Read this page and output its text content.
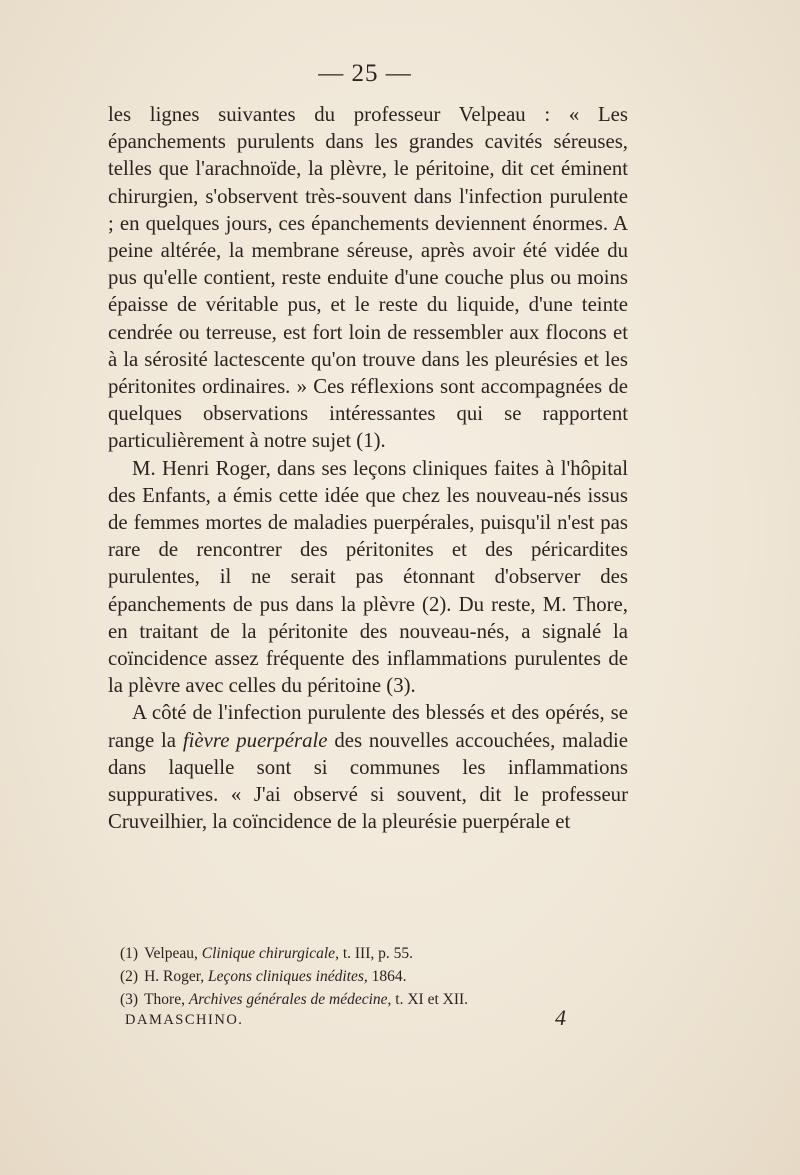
— 25 —

les lignes suivantes du professeur Velpeau : « Les épanchements purulents dans les grandes cavités séreuses, telles que l'arachnoïde, la plèvre, le péritoine, dit cet éminent chirurgien, s'observent très-souvent dans l'infection purulente ; en quelques jours, ces épanchements deviennent énormes. A peine altérée, la membrane séreuse, après avoir été vidée du pus qu'elle contient, reste enduite d'une couche plus ou moins épaisse de véritable pus, et le reste du liquide, d'une teinte cendrée ou terreuse, est fort loin de ressembler aux flocons et à la sérosité lactescente qu'on trouve dans les pleurésies et les péritonites ordinaires. » Ces réflexions sont accompagnées de quelques observations intéressantes qui se rapportent particulièrement à notre sujet (1).

M. Henri Roger, dans ses leçons cliniques faites à l'hôpital des Enfants, a émis cette idée que chez les nouveau-nés issus de femmes mortes de maladies puerpérales, puisqu'il n'est pas rare de rencontrer des péritonites et des péricardites purulentes, il ne serait pas étonnant d'observer des épanchements de pus dans la plèvre (2). Du reste, M. Thore, en traitant de la péritonite des nouveau-nés, a signalé la coïncidence assez fréquente des inflammations purulentes de la plèvre avec celles du péritoine (3).

A côté de l'infection purulente des blessés et des opérés, se range la fièvre puerpérale des nouvelles accouchées, maladie dans laquelle sont si communes les inflammations suppuratives. « J'ai observé si souvent, dit le professeur Cruveilhier, la coïncidence de la pleurésie puerpérale et

(1) Velpeau, Clinique chirurgicale, t. III, p. 55.

(2) H. Roger, Leçons cliniques inédites, 1864.

(3) Thore, Archives générales de médecine, t. XI et XII.

DAMASCHINO.	4
